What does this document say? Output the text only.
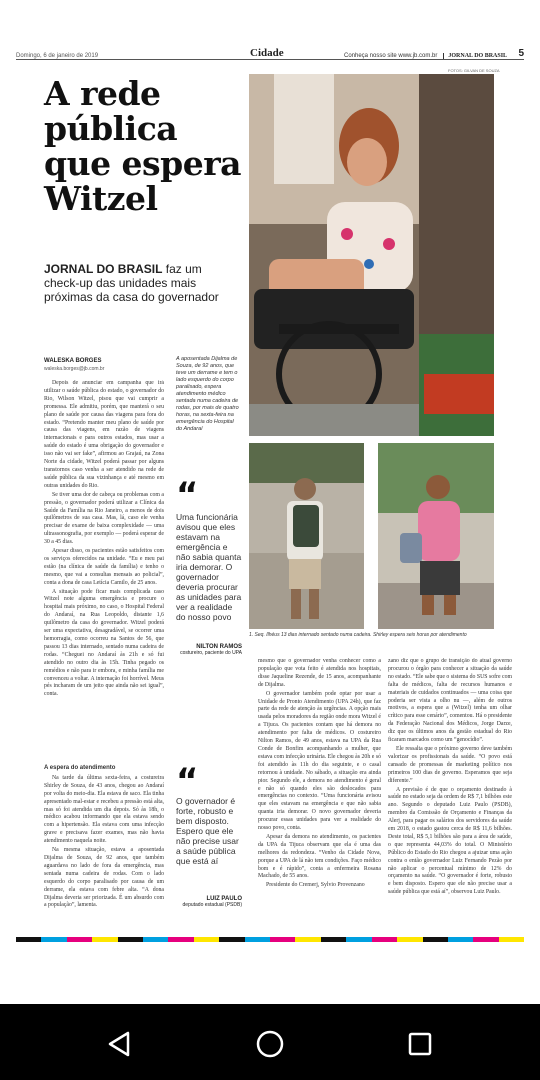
Domingo, 6 de janeiro de 2019	Cidade	Conheça nosso site www.jb.com.br	JORNAL DO BRASIL 5
A rede pública que espera Witzel
JORNAL DO BRASIL faz um check-up das unidades mais próximas da casa do governador
WALESKA BORGES
waleska.borges@jb.com.br
A aposentada Dijalma de Souza, de 92 anos, que teve um derrame e tem o lado esquerdo do corpo paralisado, espera atendimento médico sentada numa cadeira de rodas, por mais de quatro horas, na sexta-feira na emergência do Hospital do Andaraí
FOTOS: GILVAN DE SOUZA
1. Seq. Ilhéus 13 dias internado sentado numa cadeira. Shirley espera seis horas por atendimento

Depois de anunciar em campanha que irá utilizar o saúde pública do estado, o governador do Rio, Wilson Witzel, pisou que vai cumprir a promessa. Ele admitiu, porém, que manterá o seu plano de saúde por causa das viagens para fora do estado. “Pretendo manter meu plano de saúde por causa das viagens, em razão de viagens internacionais e para outros estados, mas usar a saúde do estado é uma obrigação do governador e isso não vai ser fake”, afirmou ao Grajaú, na Zona Norte da cidade, Witzel poderá passar por alguns transtornos caso venha a ser atendido na rede de saúde pública da sua vizinhança e até mesmo em outras unidades do Rio.

Se tiver uma dor de cabeça ou problemas com a pressão, o governador poderá utilizar a Clínica da Saúde da Família na Rio Janeiro, a menos de dois quilômetros de sua casa. Mas, lá, caso ele venha precisar de exame de baixa complexidade — uma ultrassonografia, por exemplo — poderá esperar de 30 a 45 dias.

Apesar disso, os pacientes estão satisfeitos com os serviços oferecidos na unidade. “Eu e meu pai estão (na clínica de saúde da família) e tenho o mesmo, que vai a consultas mensais ao policial”, conta a dona de casa Letícia Camilo, de 25 anos.

A situação pode ficar mais complicada caso Witzel note alguma emergência e procure o hospital mais próximo, no caso, o Hospital Federal do Andaraí, na Rua Leopoldo, distante 1,6 quilômetro da casa do governador. Witzel poderá ser uma expectativa, desagradável, se ocorrer uma hemorragia, como ocorreu na Santos de 56, que passou 13 dias internado, sentado numa cadeira de rodas. “Cheguei no Andaraí às 21h e só fui atendido no outro dia às 15h. Tinha pegado os remédios e não para ir embora, e minha família me convenceu a voltar. A internação foi horrível. Meus pés incharam de um jeito que ainda não sei igual”, conta.

A espera do atendimento

Na tarde da última sexta-feira, a costureira Shirley de Souza, de 43 anos, chegou ao Andaraí por volta do meio-dia. Ela estava de saco. Ela tinha apresentado mal-estar e recebeu a pressão está alta, mas só foi atendida um dia depois. Só às 18h, o médico acabou informando que ela estava sendo com a hipertensão. Ela estava com uma infecção grave e precisava fazer exames, mas não havia atendimento naquela noite.

Na mesma situação, estava a aposentada Dijalma de Souza, de 92 anos, que também aguardava no lado de fora da emergência, mas sentada numa cadeira de rodas. Com o lado esquerdo do corpo paralisado por causa de um derrame, ela estava com febre alta. “A dona Dijalma deveria ser priorizada. É um absurdo com a população”, lamenta.

“
Uma funcionária avisou que eles estavam na emergência e não sabia quanta iria demorar. O governador deveria procurar as unidades para ver a realidade do nosso povo
NILTON RAMOS
costureiro, paciente do UPA
“
O governador é forte, robusto e bem disposto. Espero que ele não precise usar a saúde pública que está aí
LUIZ PAULO
deputado estadual (PSDB)

mesmo que o governador venha conhecer como a população que vota feito é atendida nos hospitais, disse Jaqueline Rezende, de 15 anos, acompanhante de Dijalma.

O governador também pode optar por usar a Unidade de Pronto Atendimento (UPA 24h), que faz parte da rede de atenção às urgências. A opção mais usada pelos moradores da região onde mora Witzel é a Tijuca. Os pacientes contam que há demora no atendimento por falta de médicos. O costureiro Nilton Ramos, de 49 anos, estava na UPA da Rua Conde de Bonfim acompanhando a mulher, que estava com infecção urinária. Ele chegou às 20h e só foi atendido às 11h do dia seguinte, e o casal retornou à unidade. No sábado, a situação era ainda pior. Segundo ele, a demora no atendimento é geral e não só quando eles são deslocados para emergências no contexto. “Uma funcionária avisou que eles estavam na emergência e que não sabia quanta iria demorar. O novo governador deveria procurar essas unidades para ver a realidade do nosso povo, conta.

Apesar da demora no atendimento, os pacientes da UPA da Tijuca observam que ela é uma das melhores da redondeza. “Venho da Cidade Nova, porque a UPA de lá não tem condições. Faço médico bom e é rápido”, conta a enfermeira Rosana Machado, de 55 anos.

Presidente do Cremerj, Sylvio Provenzano

zano diz que o grupo de transição do atual governo procurou o órgão para conhecer a situação da saúde no estado. “Ele sabe que o sistema do SUS sofre com falta de médicos, falta de recursos humanos e materiais de cuidados continuados — uma coisa que poderia ser vista a olho nu —, além de outros motivos, a espera que a (Witzel) tenha um olhar crítico para esse cenário”, comentou. Há o presidente da Federação Nacional dos Médicos, Jorge Darze, diz que os últimos anos da gestão estadual do Rio ficaram marcados como um “genocídio”.

Ele ressalta que o próximo governo deve também valorizar os profissionais da saúde. “O povo está cansado de promessas de marketing político nos primeiros 100 dias de governo. Esperamos que seja diferente.”

A previsão é de que o orçamento destinado à saúde no estado seja da ordem de R$ 7,1 bilhões este ano. Segundo o deputado Luiz Paulo (PSDB), membro da Comissão de Orçamento e Finanças da Alerj, para pagar os salários dos servidores da saúde em 2018, o estado gastou cerca de R$ 11,6 bilhões. Deste total, R$ 5,1 bilhões são para a área de saúde, o que representa 44,03% do total. O Ministério Público do Estado do Rio chegou a ajuizar uma ação contra o então governador Luiz Fernando Pezão por não aplicar o percentual mínimo de 12% do orçamento na saúde. “O governador é forte, robusto e bem disposto. Espero que ele não precise usar a saúde pública que está aí”, observou Luiz Paulo.
